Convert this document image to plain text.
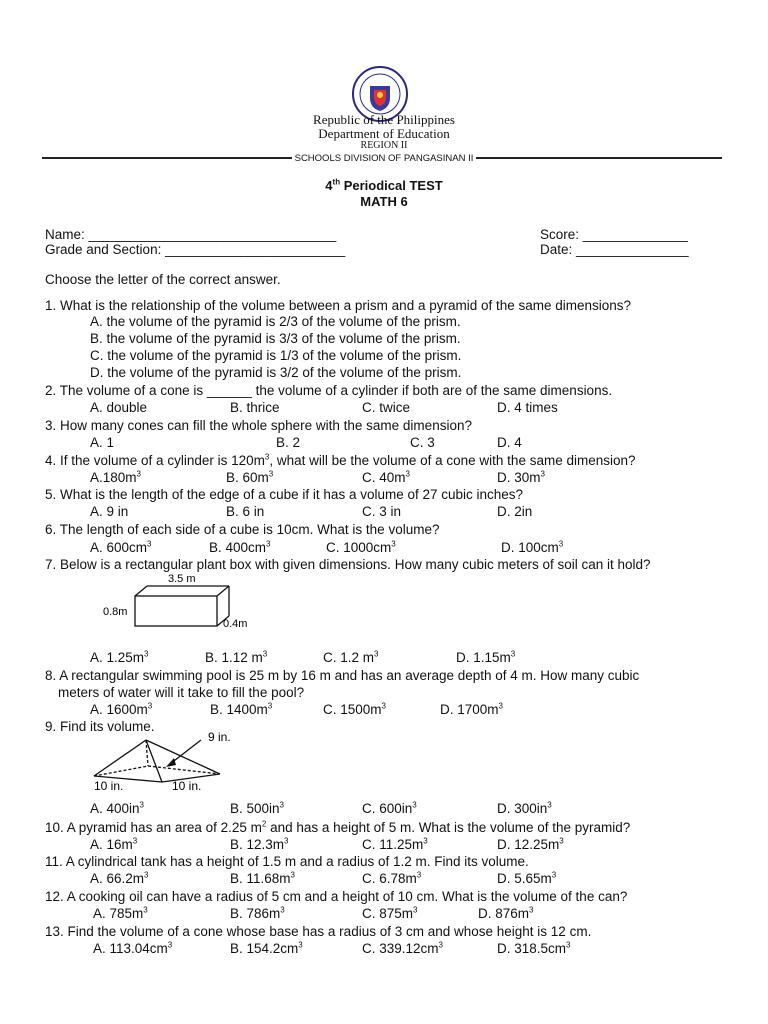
Republic of the Philippines
Department of Education
REGION II
SCHOOLS DIVISION OF PANGASINAN II
4th Periodical TEST
MATH 6
Name: _________________________________
Grade and Section: ________________________
Score: ______________
Date: _______________
Choose the letter of the correct answer.
1. What is the relationship of the volume between a prism and a pyramid of the same dimensions?
A. the volume of the pyramid is 2/3 of the volume of the prism.
B. the volume of the pyramid is 3/3 of the volume of the prism.
C. the volume of the pyramid is 1/3 of the volume of the prism.
D. the volume of the pyramid is 3/2 of the volume of the prism.
2. The volume of a cone is ______ the volume of a cylinder if both are of the same dimensions.
A. double	B. thrice	C. twice	D. 4 times
3. How many cones can fill the whole sphere with the same dimension?
A. 1	B. 2	C. 3	D. 4
4. If the volume of a cylinder is $120m^3$, what will be the volume of a cone with the same dimension?
$A.180m^3$	B. $60m^3$	C. $40m^3$	D. $30m^3$
5. What is the length of the edge of a cube if it has a volume of 27 cubic inches?
A. 9 in	B. 6 in	C. 3 in	D. 2in
6. The length of each side of a cube is 10cm. What is the volume?
A. $600cm^3$	B. $400cm^3$	C. $1000cm^3$	D. $100cm^3$
7. Below is a rectangular plant box with given dimensions. How many cubic meters of soil can it hold?
3.5 m
0.8m
0.4m
A. $1.25m^3$	B. 1.12 $m^3$	C. 1.2 $m^3$	D. $1.15m^3$
8. A rectangular swimming pool is 25 m by 16 m and has an average depth of 4 m. How many cubic
meters of water will it take to fill the pool?
A. $1600m^3$	B. $1400m^3$	C. $1500m^3$	D. $1700m^3$
9. Find its volume.
9 in.
10 in.	10 in.
A. $400in^3$	B. $500in^3$	C. $600in^3$	D. $300in^3$
10. A pyramid has an area of 2.25 $m^2$ and has a height of 5 m. What is the volume of the pyramid?
A. $16m^3$	B. $12.3m^3$	C. $11.25m^3$	D. $12.25m^3$
11. A cylindrical tank has a height of 1.5 m and a radius of 1.2 m. Find its volume.
A. $66.2m^3$	B. $11.68m^3$	C. $6.78m^3$	D. $5.65m^3$
12. A cooking oil can have a radius of 5 cm and a height of 10 cm. What is the volume of the can?
A. $785m^3$	B. $786m^3$	C. $875m^3$	D. $876m^3$
13. Find the volume of a cone whose base has a radius of 3 cm and whose height is 12 cm.
A. $113.04cm^3$	B. $154.2cm^3$	C. $339.12cm^3$	D. $318.5cm^3$
